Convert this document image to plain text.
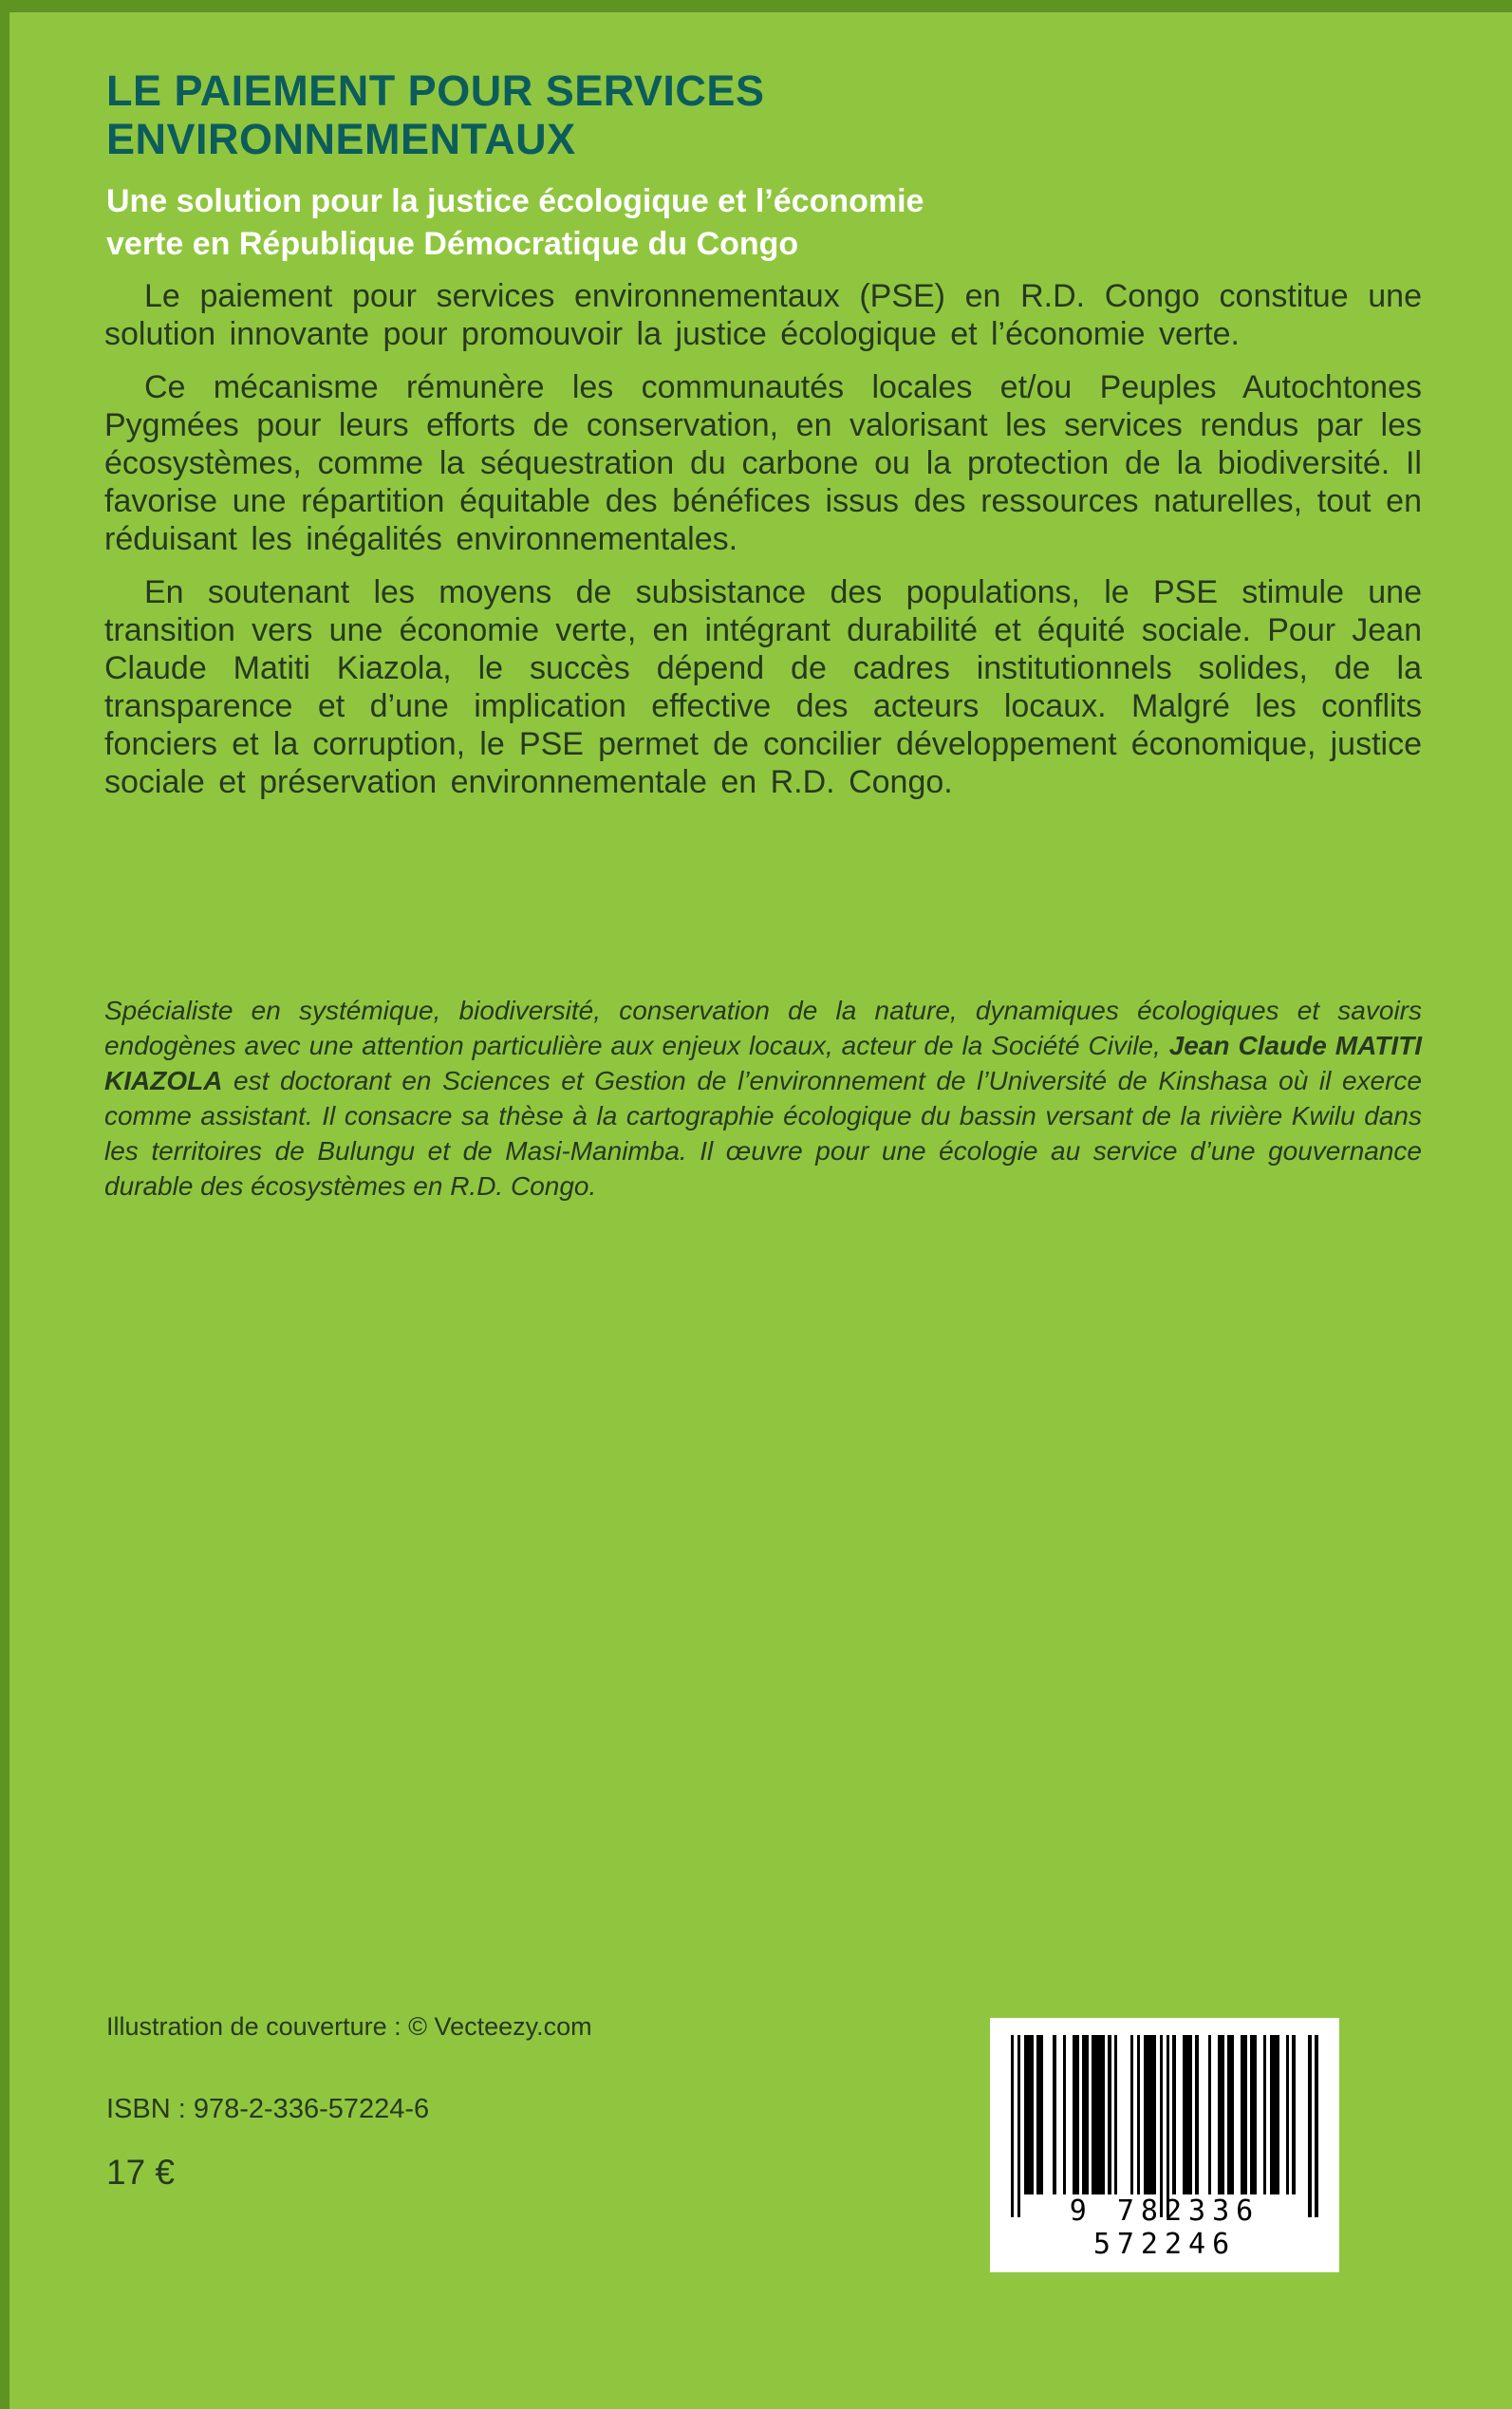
LE PAIEMENT POUR SERVICES
ENVIRONNEMENTAUX
Une solution pour la justice écologique et l’économie
verte en République Démocratique du Congo

Le paiement pour services environnementaux (PSE) en R.D. Congo constitue une solution innovante pour promouvoir la justice écologique et l’économie verte.

Ce mécanisme rémunère les communautés locales et/ou Peuples Autochtones Pygmées pour leurs efforts de conservation, en valorisant les services rendus par les écosystèmes, comme la séquestration du carbone ou la protection de la biodiversité. Il favorise une répartition équitable des bénéfices issus des ressources naturelles, tout en réduisant les inégalités environnementales.

En soutenant les moyens de subsistance des populations, le PSE stimule une transition vers une économie verte, en intégrant durabilité et équité sociale. Pour Jean Claude Matiti Kiazola, le succès dépend de cadres institutionnels solides, de la transparence et d’une implication effective des acteurs locaux. Malgré les conflits fonciers et la corruption, le PSE permet de concilier développement économique, justice sociale et préservation environnementale en R.D. Congo.

Spécialiste en systémique, biodiversité, conservation de la nature, dynamiques écologiques et savoirs endogènes avec une attention particulière aux enjeux locaux, acteur de la Société Civile, Jean Claude MATITI KIAZOLA est doctorant en Sciences et Gestion de l’environnement de l’Université de Kinshasa où il exerce comme assistant. Il consacre sa thèse à la cartographie écologique du bassin versant de la rivière Kwilu dans les territoires de Bulungu et de Masi-Manimba. Il œuvre pour une écologie au service d’une gouvernance durable des écosystèmes en R.D. Congo.
Illustration de couverture : © Vecteezy.com
ISBN : 978-2-336-57224-6
17 €
9 782336 572246
